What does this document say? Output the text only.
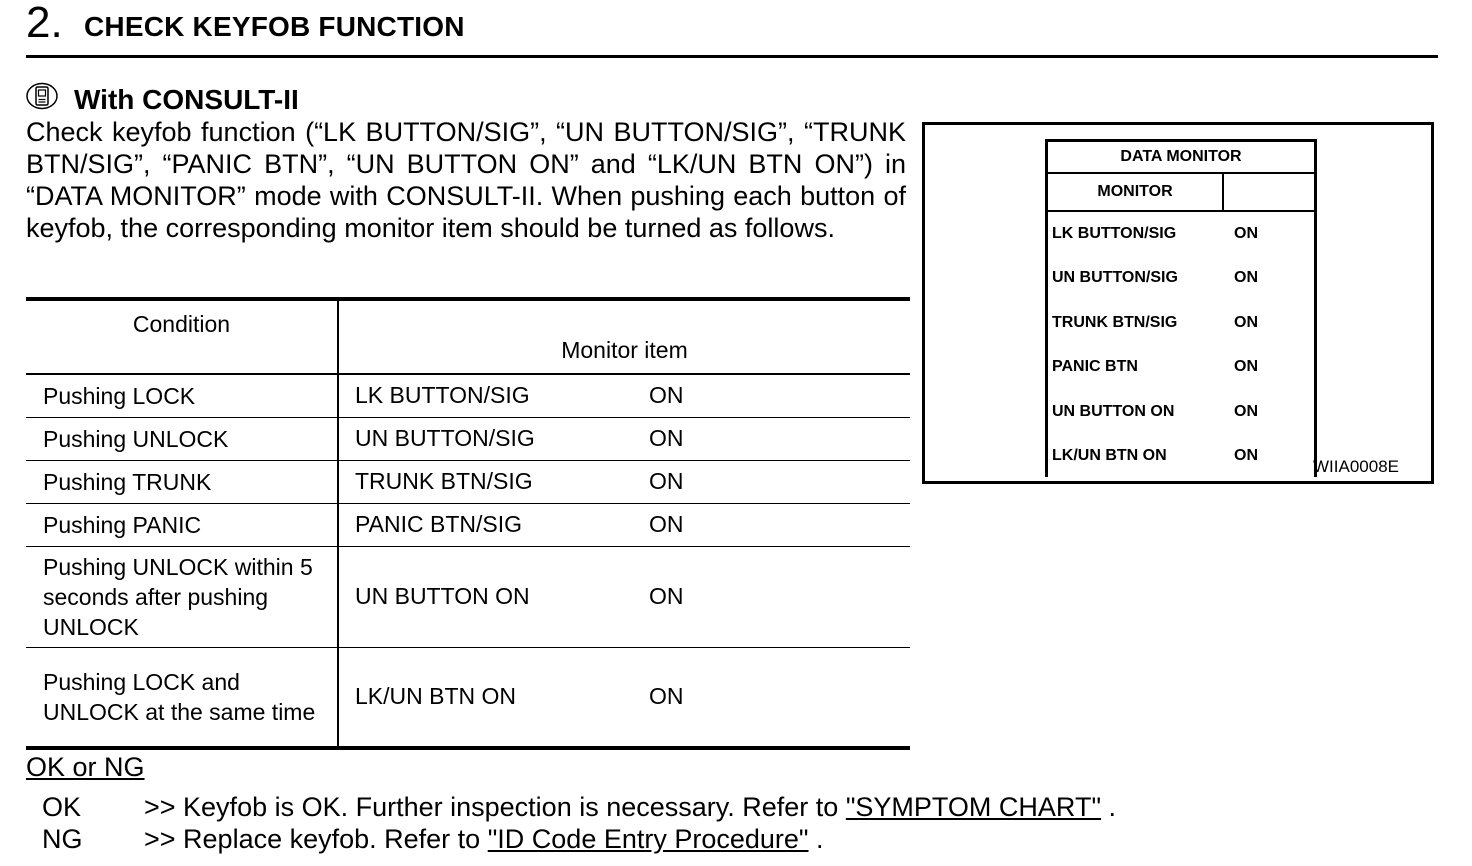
2. CHECK KEYFOB FUNCTION
With CONSULT-II

Check keyfob function (“LK BUTTON/SIG”, “UN BUTTON/SIG”, “TRUNK BTN/SIG”, “PANIC BTN”, “UN BUTTON ON” and “LK/UN BTN ON”) in “DATA MONITOR” mode with CONSULT-II. When pushing each button of keyfob, the corresponding monitor item should be turned as follows.

Condition	Monitor item

Pushing LOCK	LK BUTTON/SIG ON
Pushing UNLOCK	UN BUTTON/SIG ON
Pushing TRUNK	TRUNK BTN/SIG ON
Pushing PANIC	PANIC BTN/SIG ON
Pushing UNLOCK within 5 seconds after pushing UNLOCK	UN BUTTON ON ON
Pushing LOCK and UNLOCK at the same time	LK/UN BTN ON ON
OK or NG
OK >> Keyfob is OK. Further inspection is necessary. Refer to "SYMPTOM CHART" .
NG >> Replace keyfob. Refer to "ID Code Entry Procedure" .
DATA MONITOR
MONITOR
LK BUTTON/SIG	ON
UN BUTTON/SIG	ON
TRUNK BTN/SIG	ON
PANIC BTN	ON
UN BUTTON ON	ON
LK/UN BTN ON	ON
WIIA0008E
